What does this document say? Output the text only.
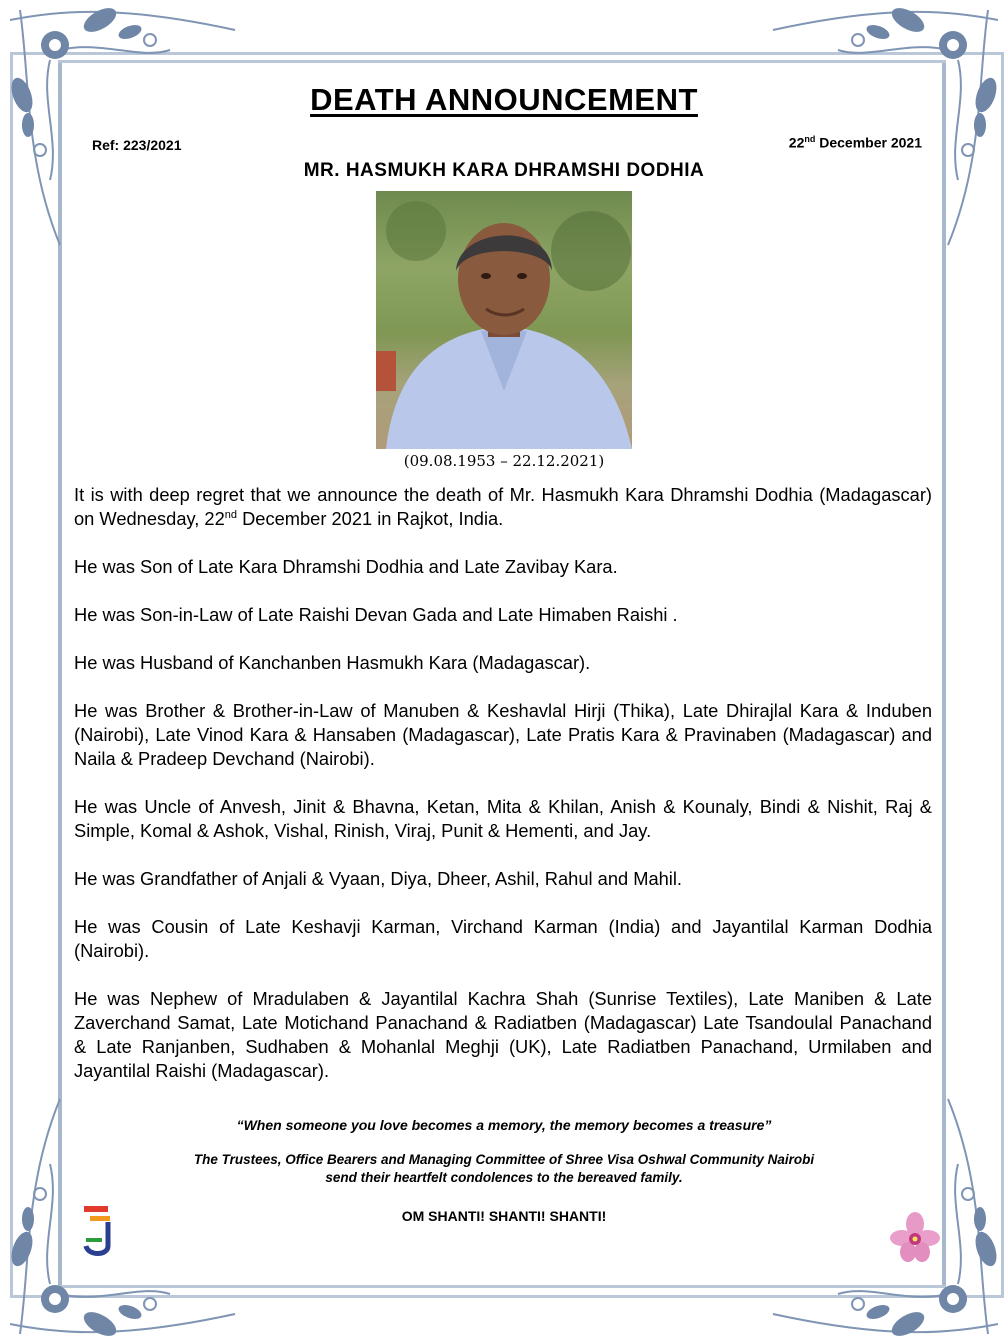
DEATH ANNOUNCEMENT
Ref: 223/2021	22nd December 2021
MR. HASMUKH KARA DHRAMSHI DODHIA
(09.08.1953 – 22.12.2021)

It is with deep regret that we announce the death of Mr. Hasmukh Kara Dhramshi Dodhia (Madagascar) on Wednesday, 22nd December 2021 in Rajkot, India.

He was Son of Late Kara Dhramshi Dodhia and Late Zavibay Kara.

He was Son-in-Law of Late Raishi Devan Gada and Late Himaben Raishi .

He was Husband of Kanchanben Hasmukh Kara (Madagascar).

He was Brother & Brother-in-Law of Manuben & Keshavlal Hirji (Thika), Late Dhirajlal Kara & Induben (Nairobi), Late Vinod Kara & Hansaben (Madagascar), Late Pratis Kara & Pravinaben (Madagascar) and Naila & Pradeep Devchand (Nairobi).

He was Uncle of Anvesh, Jinit & Bhavna, Ketan, Mita & Khilan, Anish & Kounaly, Bindi & Nishit, Raj & Simple, Komal & Ashok, Vishal, Rinish, Viraj, Punit & Hementi, and Jay.

He was Grandfather of Anjali & Vyaan, Diya, Dheer, Ashil, Rahul and Mahil.

He was Cousin of Late Keshavji Karman, Virchand Karman (India) and Jayantilal Karman Dodhia (Nairobi).

He was Nephew of Mradulaben & Jayantilal Kachra Shah (Sunrise Textiles), Late Maniben & Late Zaverchand Samat, Late Motichand Panachand & Radiatben (Madagascar) Late Tsandoulal Panachand & Late Ranjanben, Sudhaben & Mohanlal Meghji (UK), Late Radiatben Panachand, Urmilaben and Jayantilal Raishi (Madagascar).

“When someone you love becomes a memory, the memory becomes a treasure”
The Trustees, Office Bearers and Managing Committee of Shree Visa Oshwal Community Nairobi
send their heartfelt condolences to the bereaved family.
OM SHANTI! SHANTI! SHANTI!
